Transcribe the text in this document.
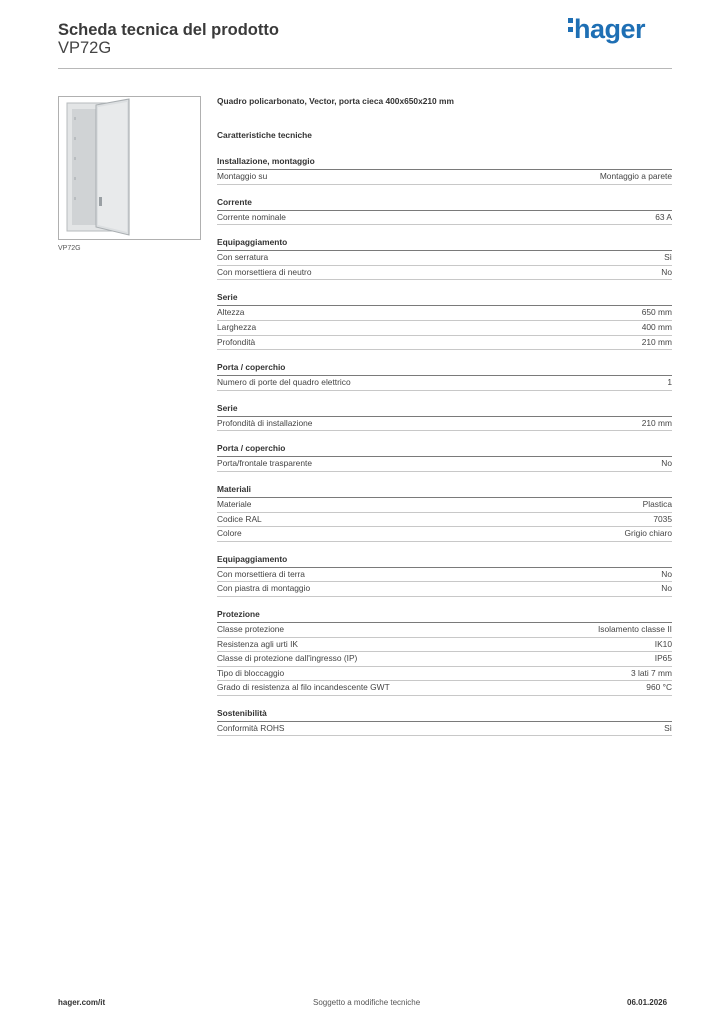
Scheda tecnica del prodotto
VP72G
hager
VP72G
Quadro policarbonato, Vector, porta cieca 400x650x210 mm
Caratteristiche tecniche
Installazione, montaggio
Montaggio su	Montaggio a parete
Corrente
Corrente nominale	63 A
Equipaggiamento
Con serratura	Sì
Con morsettiera di neutro	No
Serie
Altezza	650 mm
Larghezza	400 mm
Profondità	210 mm
Porta / coperchio
Numero di porte del quadro elettrico	1
Serie
Profondità di installazione	210 mm
Porta / coperchio
Porta/frontale trasparente	No
Materiali
Materiale	Plastica
Codice RAL	7035
Colore	Grigio chiaro
Equipaggiamento
Con morsettiera di terra	No
Con piastra di montaggio	No
Protezione
Classe protezione	Isolamento classe II
Resistenza agli urti IK	IK10
Classe di protezione dall'ingresso (IP)	IP65
Tipo di bloccaggio	3 lati 7 mm
Grado di resistenza al filo incandescente GWT	960 °C
Sostenibilità
Conformità ROHS	Sì
hager.com/it	Soggetto a modifiche tecniche	06.01.2026
